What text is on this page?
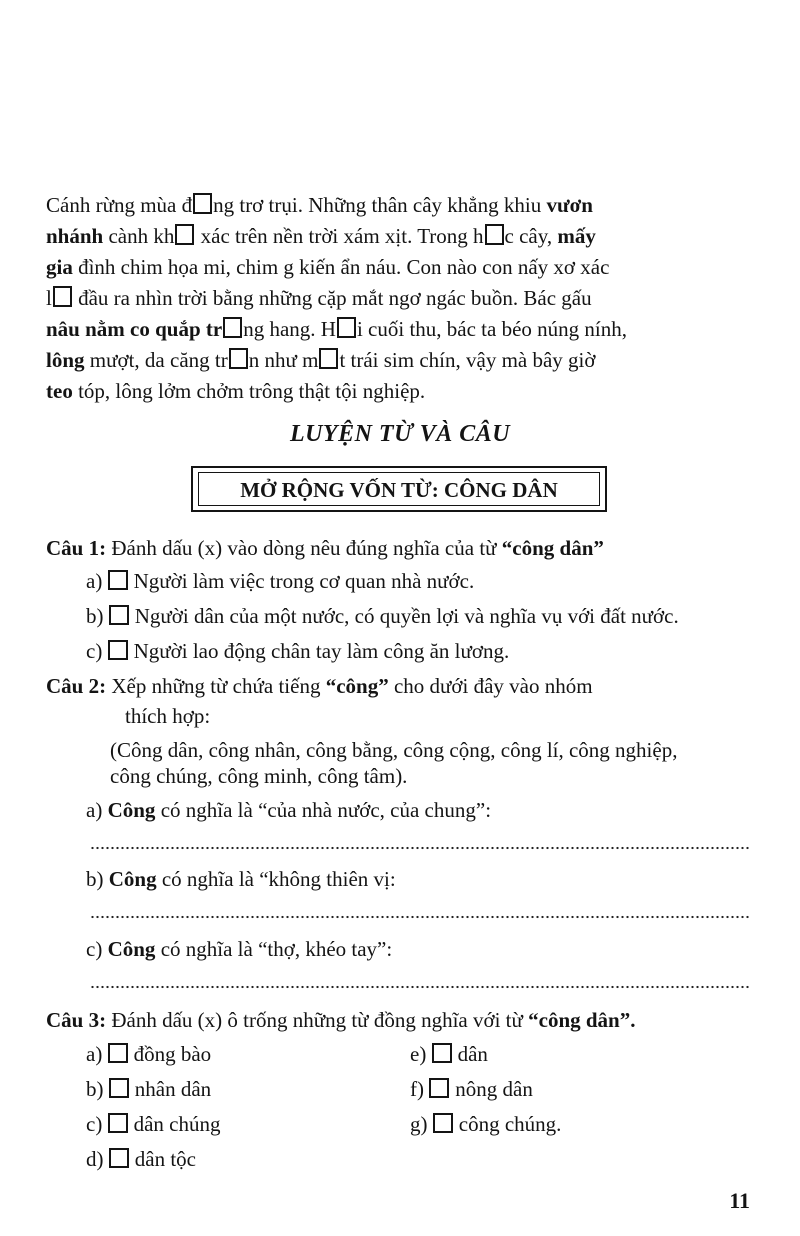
Cánh rừng mùa đ ng trơ trụi. Những thân cây khẳng khiu vươn
nhánh cành kh xác trên nền trời xám xịt. Trong h c cây, mấy
gia đình chim họa mi, chim g kiến ẩn náu. Con nào con nấy xơ xác
l đầu ra nhìn trời bằng những cặp mắt ngơ ngác buồn. Bác gấu
nâu nằm co quắp tr ng hang. H i cuối thu, bác ta béo núng nính,
lông mượt, da căng tr n như m t trái sim chín, vậy mà bây giờ
teo tóp, lông lởm chởm trông thật tội nghiệp.
LUYỆN TỪ VÀ CÂU
MỞ RỘNG VỐN TỪ: CÔNG DÂN
Câu 1: Đánh dấu (x) vào dòng nêu đúng nghĩa của từ “công dân”
a) Người làm việc trong cơ quan nhà nước.
b) Người dân của một nước, có quyền lợi và nghĩa vụ với đất nước.
c) Người lao động chân tay làm công ăn lương.
Câu 2: Xếp những từ chứa tiếng “công” cho dưới đây vào nhóm
thích hợp:
(Công dân, công nhân, công bằng, công cộng, công lí, công nghiệp,
công chúng, công minh, công tâm).
a) Công có nghĩa là “của nhà nước, của chung”:
b) Công có nghĩa là “không thiên vị:
c) Công có nghĩa là “thợ, khéo tay”:
Câu 3: Đánh dấu (x) ô trống những từ đồng nghĩa với từ “công dân”.
a) đồng bào
b) nhân dân
c) dân chúng
d) dân tộc
e) dân
f) nông dân
g) công chúng.
11
